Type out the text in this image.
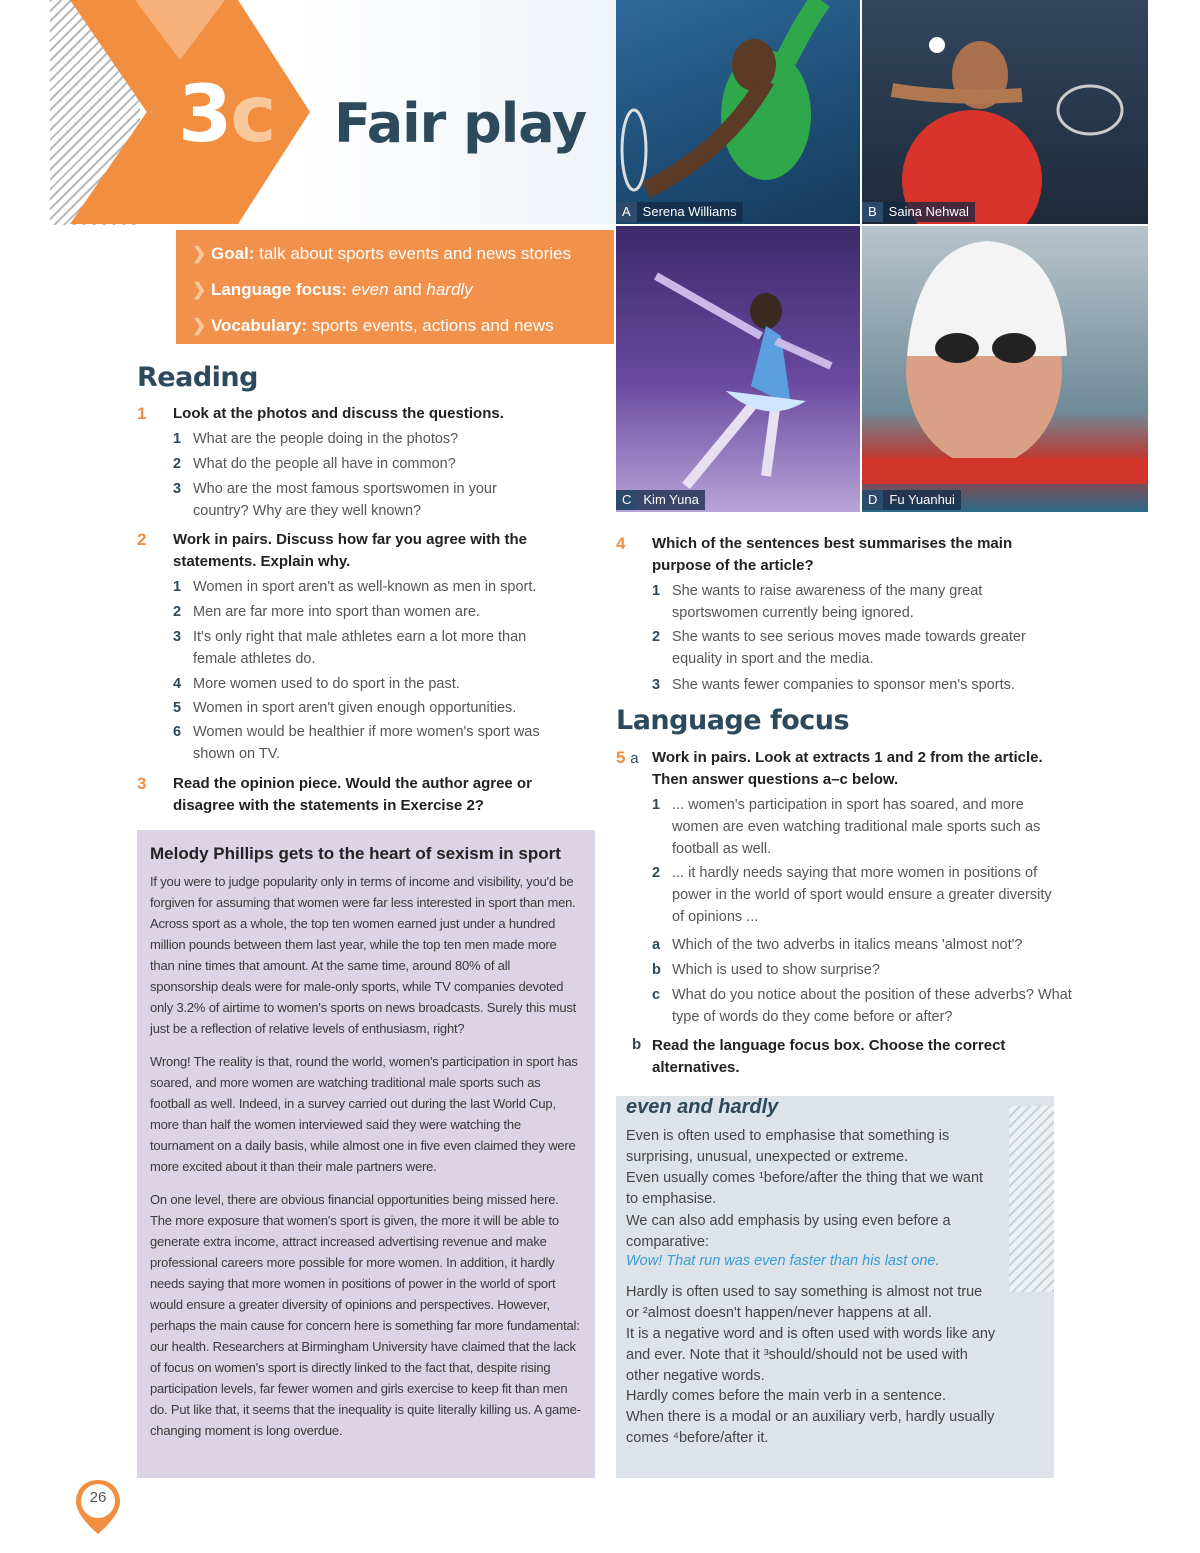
3c Fair play
❯ Goal: talk about sports events and news stories
❯ Language focus: even and hardly
❯ Vocabulary: sports events, actions and news
A Serena Williams	B Saina Nehwal
C Kim Yuna	D Fu Yuanhui
Reading
1 Look at the photos and discuss the questions.
1 What are the people doing in the photos?
2 What do the people all have in common?
3 Who are the most famous sportswomen in your country? Why are they well known?
2 Work in pairs. Discuss how far you agree with the statements. Explain why.
1 Women in sport aren't as well-known as men in sport.
2 Men are far more into sport than women are.
3 It's only right that male athletes earn a lot more than female athletes do.
4 More women used to do sport in the past.
5 Women in sport aren't given enough opportunities.
6 Women would be healthier if more women's sport was shown on TV.
3 Read the opinion piece. Would the author agree or disagree with the statements in Exercise 2?
Melody Phillips gets to the heart of sexism in sport

If you were to judge popularity only in terms of income and visibility, you'd be forgiven for assuming that women were far less interested in sport than men. Across sport as a whole, the top ten women earned just under a hundred million pounds between them last year, while the top ten men made more than nine times that amount. At the same time, around 80% of all sponsorship deals were for male-only sports, while TV companies devoted only 3.2% of airtime to women's sports on news broadcasts. Surely this must just be a reflection of relative levels of enthusiasm, right?

Wrong! The reality is that, round the world, women's participation in sport has soared, and more women are watching traditional male sports such as football as well. Indeed, in a survey carried out during the last World Cup, more than half the women interviewed said they were watching the tournament on a daily basis, while almost one in five even claimed they were more excited about it than their male partners were.

On one level, there are obvious financial opportunities being missed here. The more exposure that women's sport is given, the more it will be able to generate extra income, attract increased advertising revenue and make professional careers more possible for more women. In addition, it hardly needs saying that more women in positions of power in the world of sport would ensure a greater diversity of opinions and perspectives. However, perhaps the main cause for concern here is something far more fundamental: our health. Researchers at Birmingham University have claimed that the lack of focus on women's sport is directly linked to the fact that, despite rising participation levels, far fewer women and girls exercise to keep fit than men do. Put like that, it seems that the inequality is quite literally killing us. A game-changing moment is long overdue.

4 Which of the sentences best summarises the main purpose of the article?
1 She wants to raise awareness of the many great sportswomen currently being ignored.
2 She wants to see serious moves made towards greater equality in sport and the media.
3 She wants fewer companies to sponsor men's sports.
Language focus
5 a Work in pairs. Look at extracts 1 and 2 from the article. Then answer questions a–c below.
1 ... women's participation in sport has soared, and more women are even watching traditional male sports such as football as well.
2 ... it hardly needs saying that more women in positions of power in the world of sport would ensure a greater diversity of opinions ...
a Which of the two adverbs in italics means 'almost not'?
b Which is used to show surprise?
c What do you notice about the position of these adverbs? What type of words do they come before or after?
b Read the language focus box. Choose the correct alternatives.
even and hardly
Even is often used to emphasise that something is surprising, unusual, unexpected or extreme.
Even usually comes ¹before/after the thing that we want to emphasise.
We can also add emphasis by using even before a comparative:
Wow! That run was even faster than his last one.
Hardly is often used to say something is almost not true or ²almost doesn't happen/never happens at all.
It is a negative word and is often used with words like any and ever. Note that it ³should/should not be used with other negative words.
Hardly comes before the main verb in a sentence.
When there is a modal or an auxiliary verb, hardly usually comes ⁴before/after it.
26
